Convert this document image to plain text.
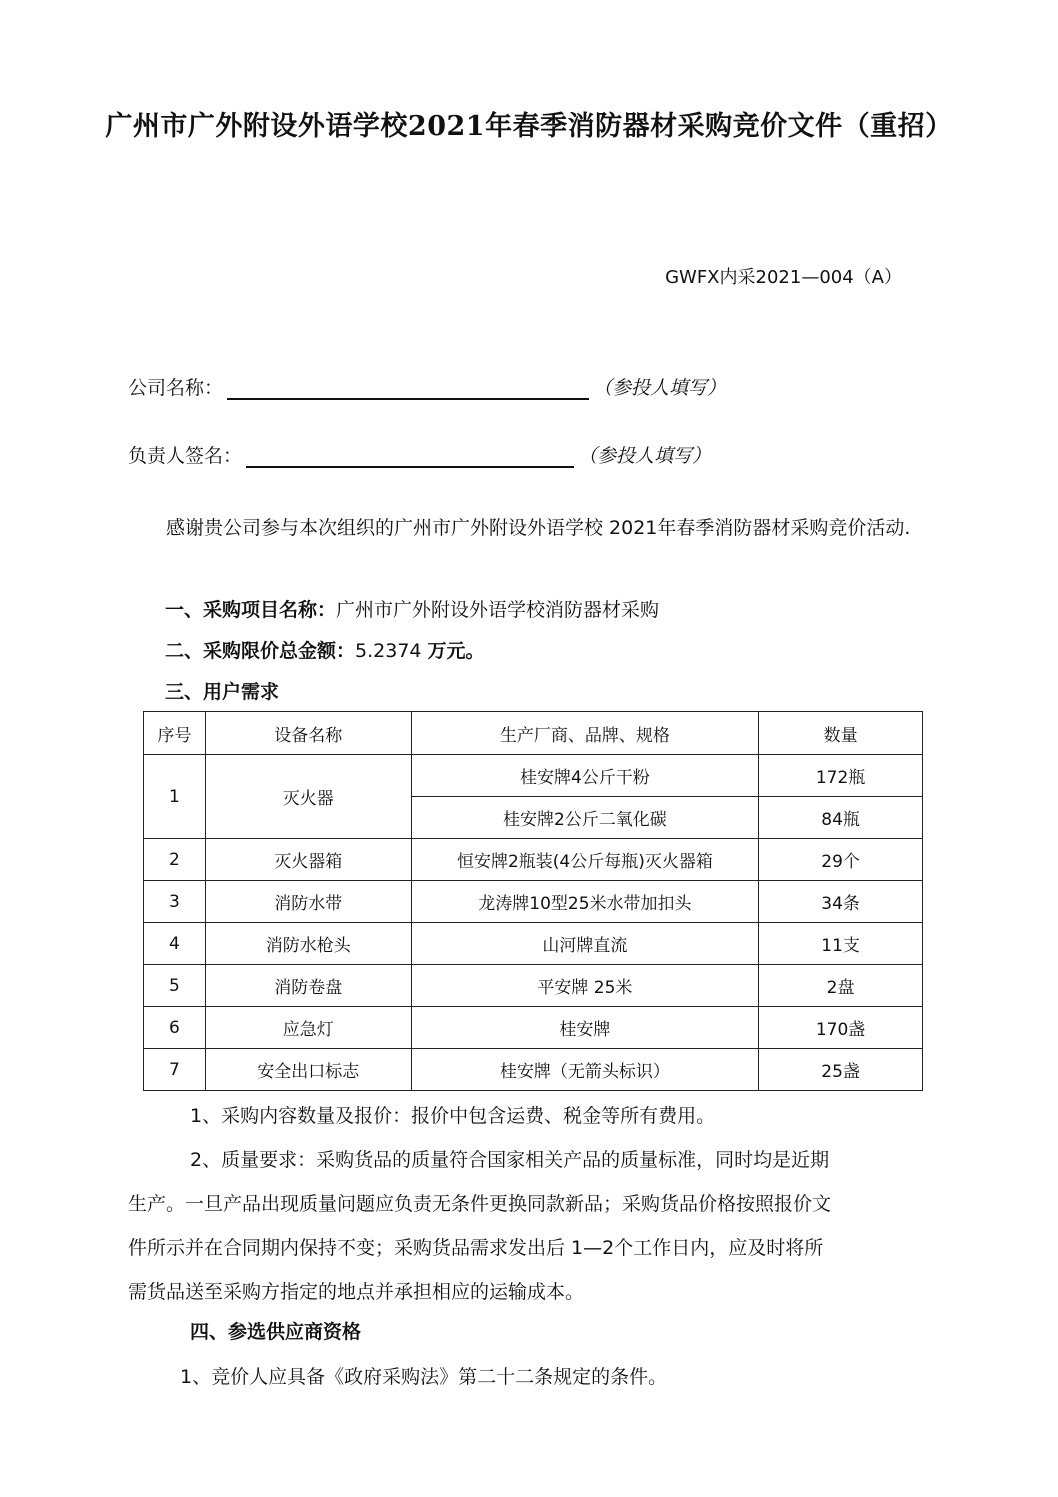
广州市广外附设外语学校2021年春季消防器材采购竞价文件（重招）
GWFX内采2021—004（A）
公司名称：	（参投人填写）
负责人签名：	（参投人填写）
感谢贵公司参与本次组织的广州市广外附设外语学校 2021年春季消防器材采购竞价活动.
一、采购项目名称：广州市广外附设外语学校消防器材采购
二、采购限价总金额：5.2374 万元。
三、用户需求
序号	设备名称	生产厂商、品牌、规格	数量
1	灭火器	桂安牌4公斤干粉	172瓶
		桂安牌2公斤二氧化碳	84瓶
2	灭火器箱	恒安牌2瓶装(4公斤每瓶)灭火器箱	29个
3	消防水带	龙涛牌10型25米水带加扣头	34条
4	消防水枪头	山河牌直流	11支
5	消防卷盘	平安牌 25米	2盘
6	应急灯	桂安牌	170盏
7	安全出口标志	桂安牌（无箭头标识）	25盏
1、采购内容数量及报价：报价中包含运费、税金等所有费用。
2、质量要求：采购货品的质量符合国家相关产品的质量标准，同时均是近期
生产。一旦产品出现质量问题应负责无条件更换同款新品；采购货品价格按照报价文
件所示并在合同期内保持不变；采购货品需求发出后 1—2个工作日内，应及时将所
需货品送至采购方指定的地点并承担相应的运输成本。
四、参选供应商资格
1、竞价人应具备《政府采购法》第二十二条规定的条件。
